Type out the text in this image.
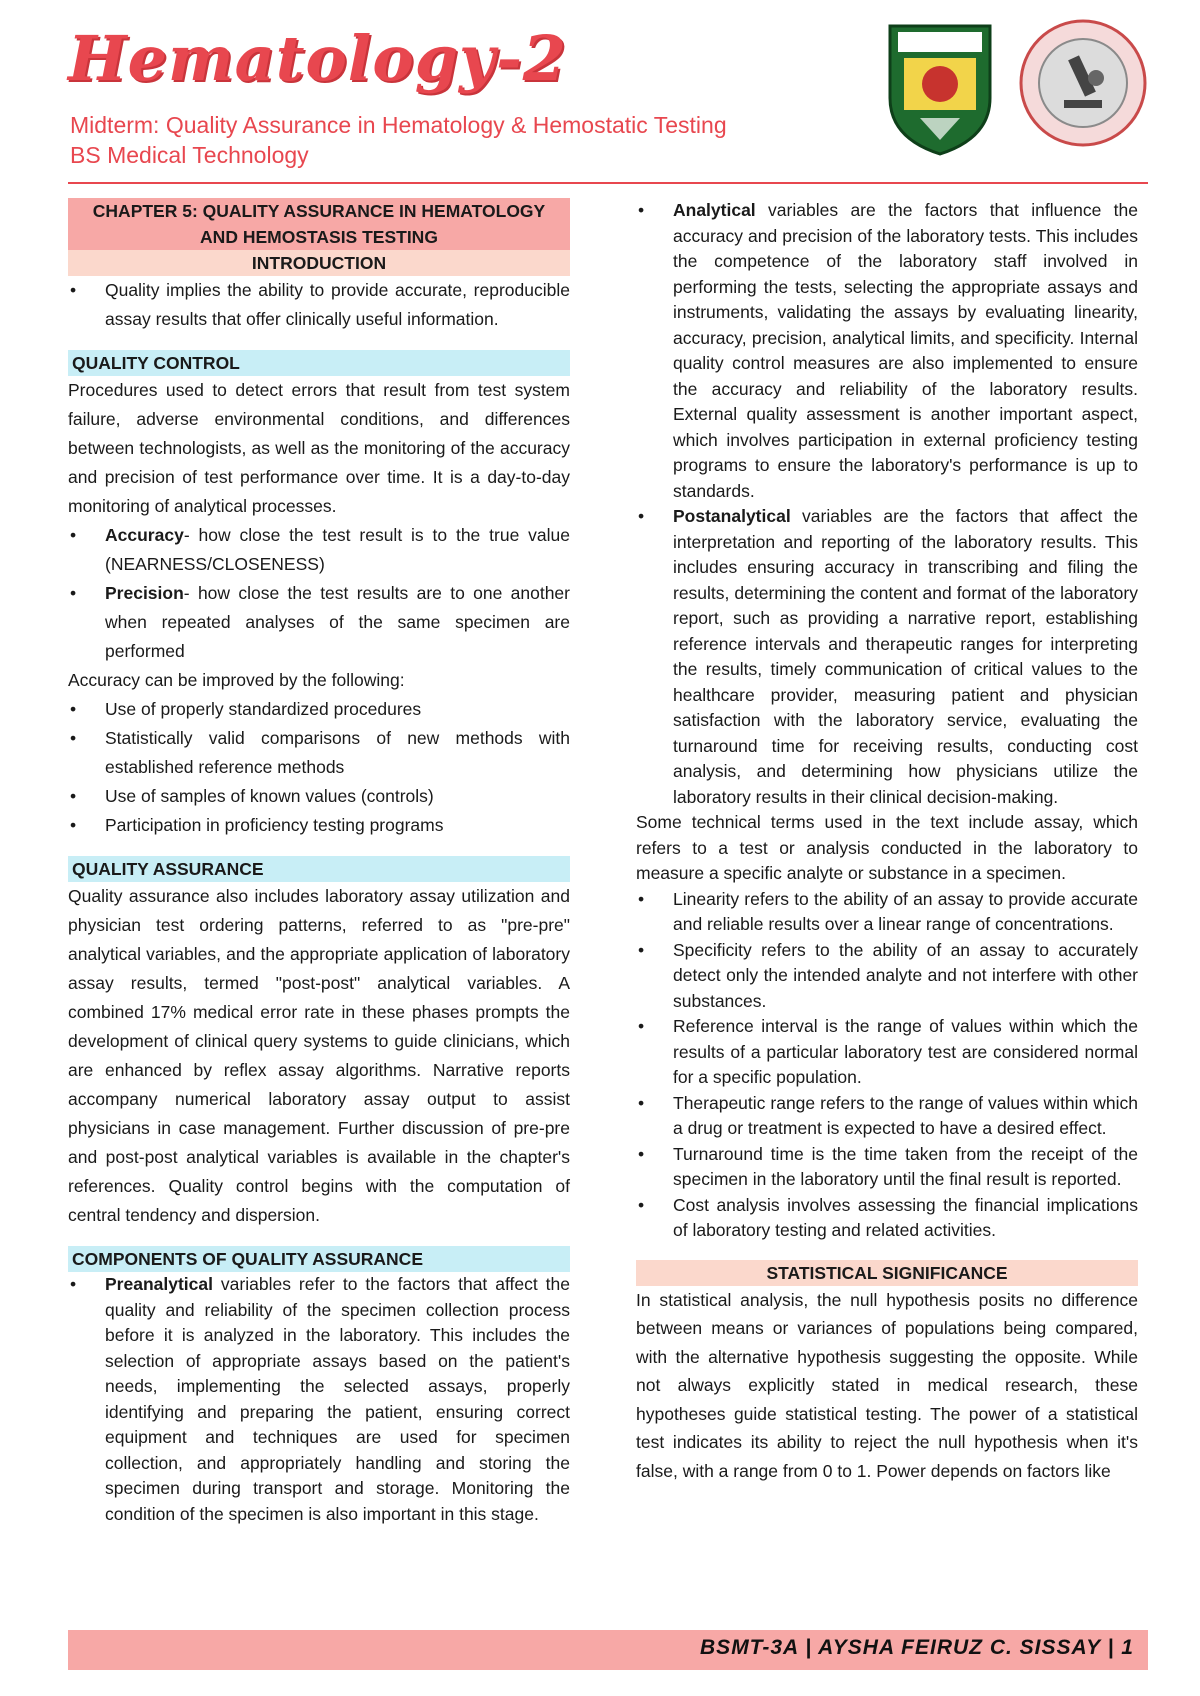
Hematology-2
Midterm: Quality Assurance in Hematology & Hemostatic Testing
BS Medical Technology
CHAPTER 5: QUALITY ASSURANCE IN HEMATOLOGY AND HEMOSTASIS TESTING
INTRODUCTION
• Quality implies the ability to provide accurate, reproducible assay results that offer clinically useful information.
QUALITY CONTROL

Procedures used to detect errors that result from test system failure, adverse environmental conditions, and differences between technologists, as well as the monitoring of the accuracy and precision of test performance over time. It is a day-to-day monitoring of analytical processes.

• Accuracy- how close the test result is to the true value (NEARNESS/CLOSENESS)
• Precision- how close the test results are to one another when repeated analyses of the same specimen are performed

Accuracy can be improved by the following:

• Use of properly standardized procedures
• Statistically valid comparisons of new methods with established reference methods
• Use of samples of known values (controls)
• Participation in proficiency testing programs
QUALITY ASSURANCE

Quality assurance also includes laboratory assay utilization and physician test ordering patterns, referred to as "pre-pre" analytical variables, and the appropriate application of laboratory assay results, termed "post-post" analytical variables. A combined 17% medical error rate in these phases prompts the development of clinical query systems to guide clinicians, which are enhanced by reflex assay algorithms. Narrative reports accompany numerical laboratory assay output to assist physicians in case management. Further discussion of pre-pre and post-post analytical variables is available in the chapter's references. Quality control begins with the computation of central tendency and dispersion.

COMPONENTS OF QUALITY ASSURANCE
• Preanalytical variables refer to the factors that affect the quality and reliability of the specimen collection process before it is analyzed in the laboratory. This includes the selection of appropriate assays based on the patient's needs, implementing the selected assays, properly identifying and preparing the patient, ensuring correct equipment and techniques are used for specimen collection, and appropriately handling and storing the specimen during transport and storage. Monitoring the condition of the specimen is also important in this stage.
• Analytical variables are the factors that influence the accuracy and precision of the laboratory tests. This includes the competence of the laboratory staff involved in performing the tests, selecting the appropriate assays and instruments, validating the assays by evaluating linearity, accuracy, precision, analytical limits, and specificity. Internal quality control measures are also implemented to ensure the accuracy and reliability of the laboratory results. External quality assessment is another important aspect, which involves participation in external proficiency testing programs to ensure the laboratory's performance is up to standards.
• Postanalytical variables are the factors that affect the interpretation and reporting of the laboratory results. This includes ensuring accuracy in transcribing and filing the results, determining the content and format of the laboratory report, such as providing a narrative report, establishing reference intervals and therapeutic ranges for interpreting the results, timely communication of critical values to the healthcare provider, measuring patient and physician satisfaction with the laboratory service, evaluating the turnaround time for receiving results, conducting cost analysis, and determining how physicians utilize the laboratory results in their clinical decision-making.

Some technical terms used in the text include assay, which refers to a test or analysis conducted in the laboratory to measure a specific analyte or substance in a specimen.

• Linearity refers to the ability of an assay to provide accurate and reliable results over a linear range of concentrations.
• Specificity refers to the ability of an assay to accurately detect only the intended analyte and not interfere with other substances.
• Reference interval is the range of values within which the results of a particular laboratory test are considered normal for a specific population.
• Therapeutic range refers to the range of values within which a drug or treatment is expected to have a desired effect.
• Turnaround time is the time taken from the receipt of the specimen in the laboratory until the final result is reported.
• Cost analysis involves assessing the financial implications of laboratory testing and related activities.
STATISTICAL SIGNIFICANCE

In statistical analysis, the null hypothesis posits no difference between means or variances of populations being compared, with the alternative hypothesis suggesting the opposite. While not always explicitly stated in medical research, these hypotheses guide statistical testing. The power of a statistical test indicates its ability to reject the null hypothesis when it's false, with a range from 0 to 1. Power depends on factors like

BSMT-3A | AYSHA FEIRUZ C. SISSAY | 1
